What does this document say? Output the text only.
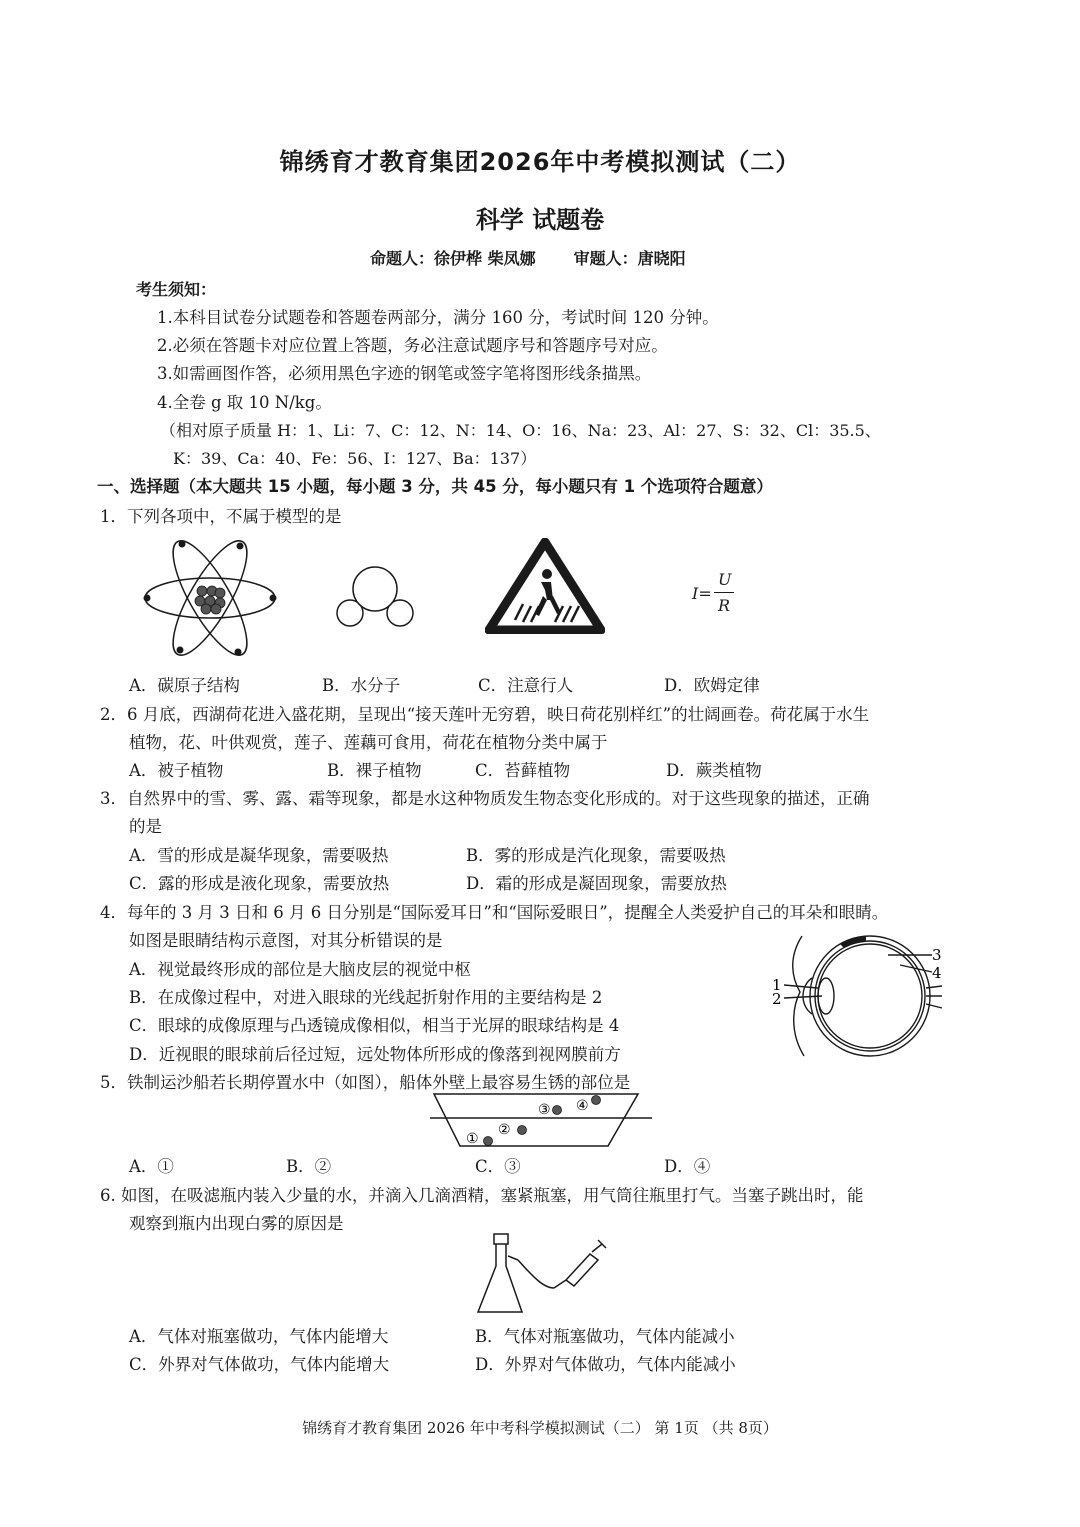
锦绣育才教育集团2026年中考模拟测试（二）
科学 试题卷
命题人：徐伊桦 柴凤娜 审题人：唐晓阳
考生须知：
1.本科目试卷分试题卷和答题卷两部分，满分 160 分，考试时间 120 分钟。
2.必须在答题卡对应位置上答题，务必注意试题序号和答题序号对应。
3.如需画图作答，必须用黑色字迹的钢笔或签字笔将图形线条描黑。
4.全卷 g 取 10 N/kg。
（相对原子质量 H：1、Li：7、C：12、N：14、O：16、Na：23、Al：27、S：32、Cl：35.5、
K：39、Ca：40、Fe：56、I：127、Ba：137）
一、选择题（本大题共 15 小题，每小题 3 分，共 45 分，每小题只有 1 个选项符合题意）
1．下列各项中，不属于模型的是
I=
U
R
A．碳原子结构	B．水分子	C．注意行人	D．欧姆定律
2．6 月底，西湖荷花进入盛花期，呈现出“接天莲叶无穷碧，映日荷花别样红”的壮阔画卷。荷花属于水生
植物，花、叶供观赏，莲子、莲藕可食用，荷花在植物分类中属于
A．被子植物	B．裸子植物	C．苔藓植物	D．蕨类植物
3．自然界中的雪、雾、露、霜等现象，都是水这种物质发生物态变化形成的。对于这些现象的描述，正确
的是
A．雪的形成是凝华现象，需要吸热	B．雾的形成是汽化现象，需要吸热
C．露的形成是液化现象，需要放热	D．霜的形成是凝固现象，需要放热
4．每年的 3 月 3 日和 6 月 6 日分别是“国际爱耳日”和“国际爱眼日”，提醒全人类爱护自己的耳朵和眼睛。
如图是眼睛结构示意图，对其分析错误的是
A．视觉最终形成的部位是大脑皮层的视觉中枢
B．在成像过程中，对进入眼球的光线起折射作用的主要结构是 2
C．眼球的成像原理与凸透镜成像相似，相当于光屏的眼球结构是 4
D．近视眼的眼球前后径过短，远处物体所形成的像落到视网膜前方
1
2
3
4
5．铁制运沙船若长期停置水中（如图），船体外壁上最容易生锈的部位是
①
②
③ ④
A．①	B．②	C．③	D．④
6. 如图，在吸滤瓶内装入少量的水，并滴入几滴酒精，塞紧瓶塞，用气筒往瓶里打气。当塞子跳出时，能
观察到瓶内出现白雾的原因是
A．气体对瓶塞做功，气体内能增大	B．气体对瓶塞做功，气体内能减小
C．外界对气体做功，气体内能增大	D．外界对气体做功，气体内能减小
锦绣育才教育集团 2026 年中考科学模拟测试（二） 第 1页 （共 8页）
